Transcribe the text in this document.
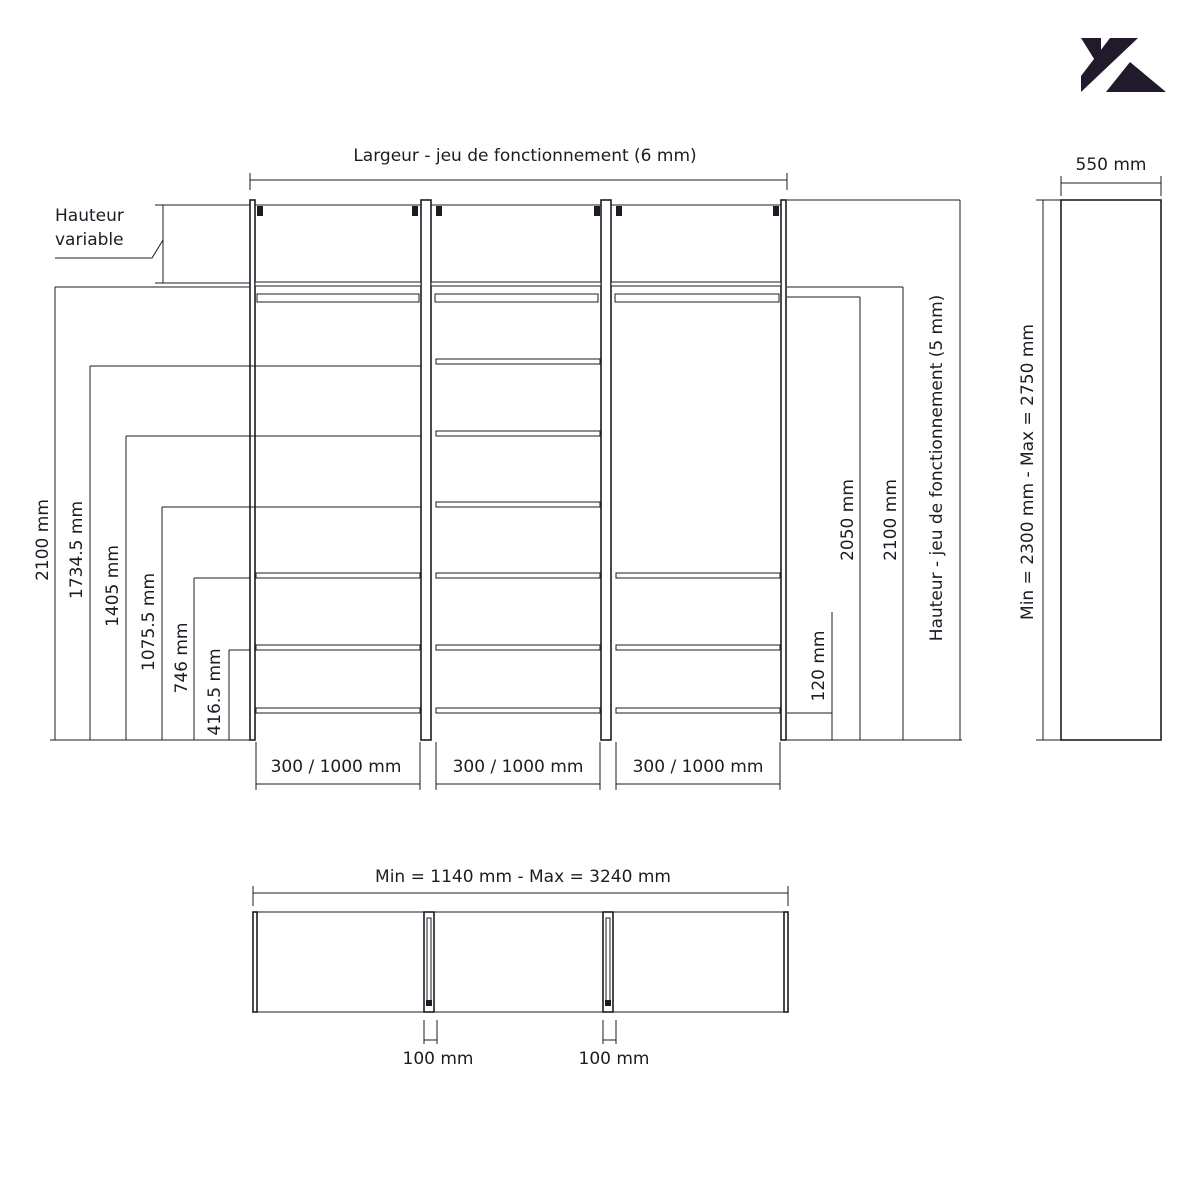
Largeur - jeu de fonctionnement (6 mm)
Hauteur
variable
2100 mm 1734.5 mm 1405 mm 1075.5 mm 746 mm 416.5 mm	120 mm
2050 mm 2100 mm Hauteur - jeu de fonctionnement (5 mm)
300 / 1000 mm	300 / 1000 mm	300 / 1000 mm
550 mm
Min = 2300 mm - Max = 2750 mm
Min = 1140 mm - Max = 3240 mm
100 mm	100 mm
